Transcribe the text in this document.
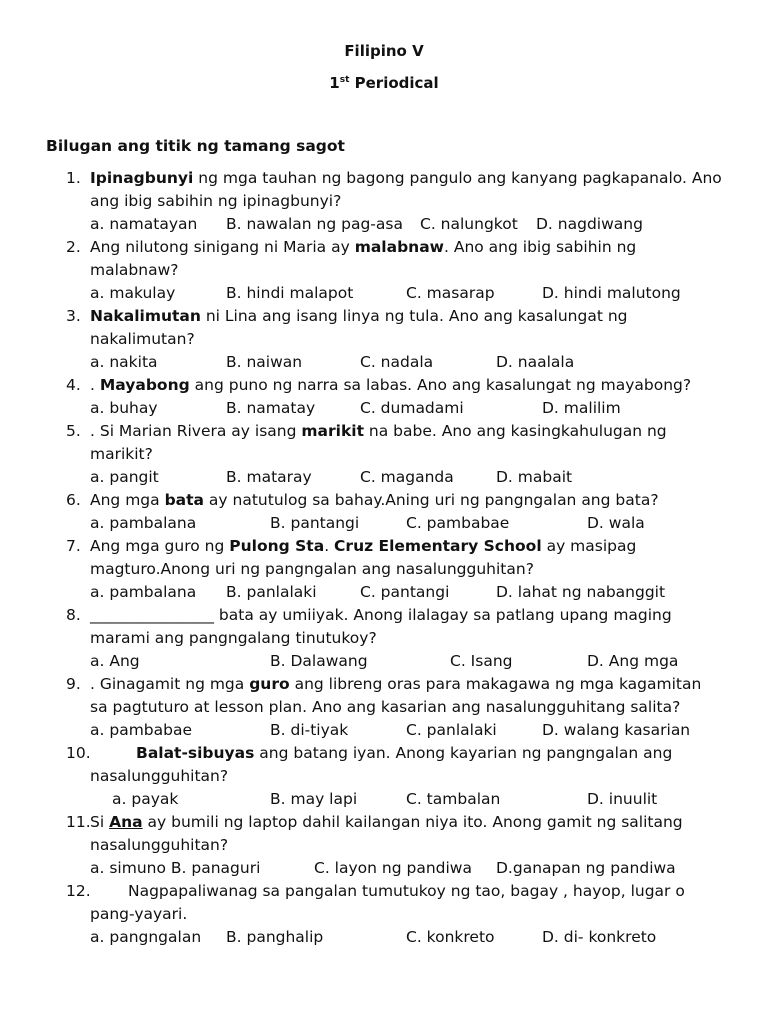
Filipino V
1st Periodical
Bilugan ang titik ng tamang sagot
1. Ipinagbunyi ng mga tauhan ng bagong pangulo ang kanyang pagkapanalo. Ano
ang ibig sabihin ng ipinagbunyi?
a. namatayan B. nawalan ng pag-asa C. nalungkot D. nagdiwang
2. Ang nilutong sinigang ni Maria ay malabnaw. Ano ang ibig sabihin ng
malabnaw?
a. makulay	B. hindi malapot	C. masarap	D. hindi malutong
3. Nakalimutan ni Lina ang isang linya ng tula. Ano ang kasalungat ng
nakalimutan?
a. nakita	B. naiwan	C. nadala	D. naalala
4. . Mayabong ang puno ng narra sa labas. Ano ang kasalungat ng mayabong?
a. buhay	B. namatay	C. dumadami	D. malilim
5. . Si Marian Rivera ay isang marikit na babe. Ano ang kasingkahulugan ng
marikit?
a. pangit	B. mataray	C. maganda	D. mabait
6. Ang mga bata ay natutulog sa bahay.Aning uri ng pangngalan ang bata?
a. pambalana	B. pantangi	C. pambabae	D. wala
7. Ang mga guro ng Pulong Sta. Cruz Elementary School ay masipag
magturo.Anong uri ng pangngalan ang nasalungguhitan?
a. pambalana B. panlalaki	C. pantangi	D. lahat ng nabanggit
8. ________________ bata ay umiiyak. Anong ilalagay sa patlang upang maging
marami ang pangngalang tinutukoy?
a. Ang	B. Dalawang	C. Isang	D. Ang mga
9. . Ginagamit ng mga guro ang libreng oras para makagawa ng mga kagamitan
sa pagtuturo at lesson plan. Ano ang kasarian ang nasalungguhitang salita?
a. pambabae	B. di-tiyak	C. panlalaki	D. walang kasarian
10.	Balat-sibuyas ang batang iyan. Anong kayarian ng pangngalan ang
nasalungguhitan?
a. payak	B. may lapi	C. tambalan	D. inuulit
11. Si Ana ay bumili ng laptop dahil kailangan niya ito. Anong gamit ng salitang
nasalungguhitan?
a. simuno B. panaguri	C. layon ng pandiwa D.ganapan ng pandiwa
12. Nagpapaliwanag sa pangalan tumutukoy ng tao, bagay , hayop, lugar o
pang-yayari.
a. pangngalan B. panghalip	C. konkreto	D. di- konkreto
